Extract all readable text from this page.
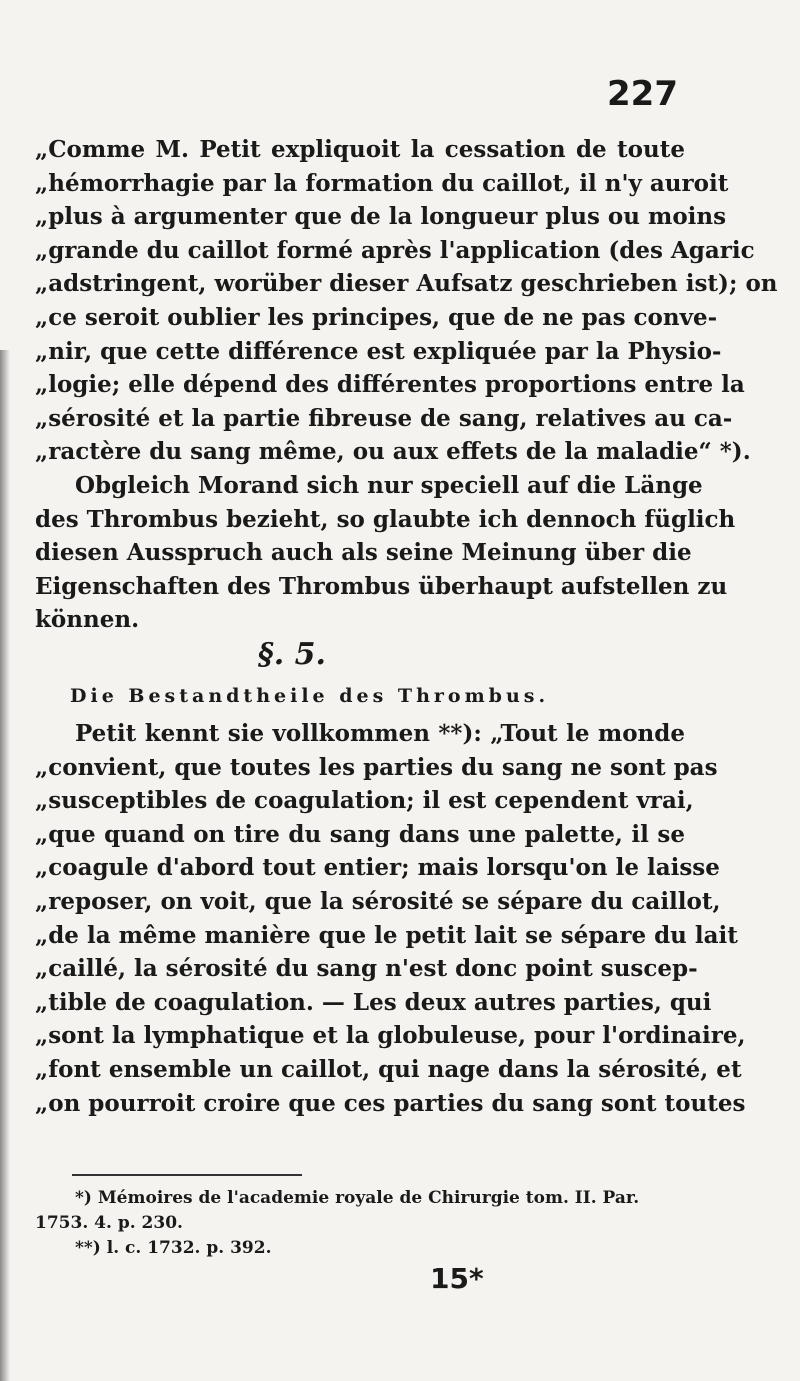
227
„Comme M. Petit expliquoit la cessation de toute
„hémorrhagie par la formation du caillot, il n'y auroit
„plus à argumenter que de la longueur plus ou moins
„grande du caillot formé après l'application (des Agaric
„adstringent, worüber dieser Aufsatz geschrieben ist); on
„ce seroit oublier les principes, que de ne pas conve-
„nir, que cette différence est expliquée par la Physio-
„logie; elle dépend des différentes proportions entre la
„sérosité et la partie fibreuse de sang, relatives au ca-
„ractère du sang même, ou aux effets de la maladie“ *).
Obgleich Morand sich nur speciell auf die Länge
des Thrombus bezieht, so glaubte ich dennoch füglich
diesen Ausspruch auch als seine Meinung über die
Eigenschaften des Thrombus überhaupt aufstellen zu
können.
§. 5.
Die Bestandtheile des Thrombus.
Petit kennt sie vollkommen **): „Tout le monde
„convient, que toutes les parties du sang ne sont pas
„susceptibles de coagulation; il est cependent vrai,
„que quand on tire du sang dans une palette, il se
„coagule d'abord tout entier; mais lorsqu'on le laisse
„reposer, on voit, que la sérosité se sépare du caillot,
„de la même manière que le petit lait se sépare du lait
„caillé, la sérosité du sang n'est donc point suscep-
„tible de coagulation. — Les deux autres parties, qui
„sont la lymphatique et la globuleuse, pour l'ordinaire,
„font ensemble un caillot, qui nage dans la sérosité, et
„on pourroit croire que ces parties du sang sont toutes
*) Mémoires de l'academie royale de Chirurgie tom. II. Par.
1753. 4. p. 230.
**) l. c. 1732. p. 392.
15*
